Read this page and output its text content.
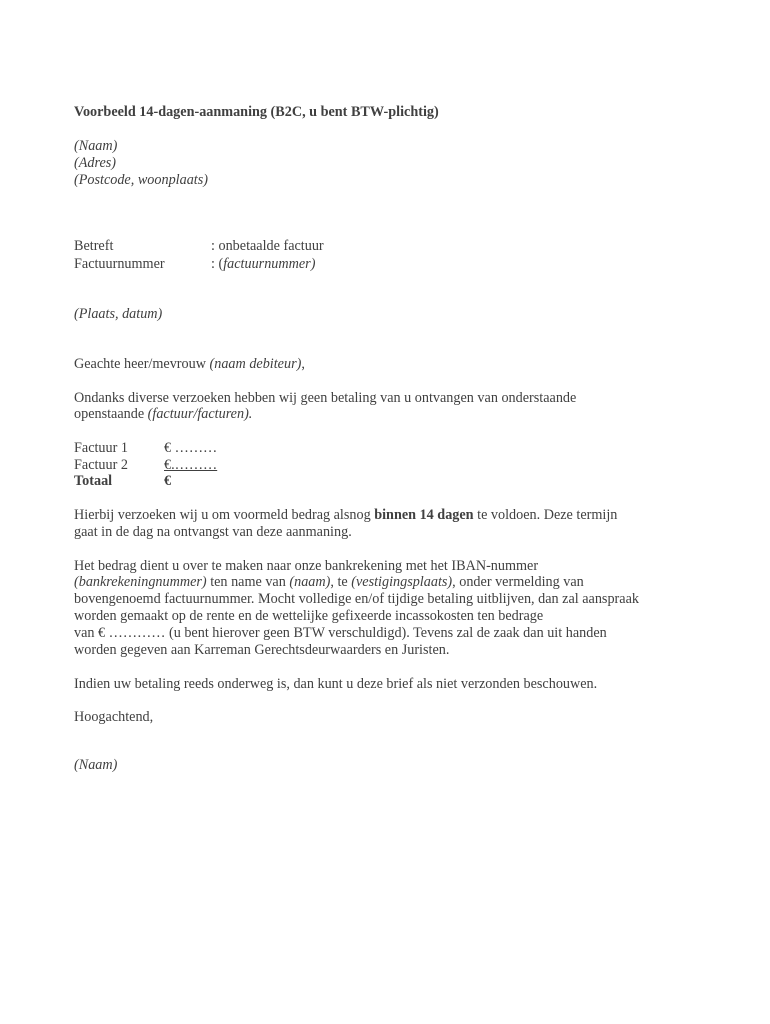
Voorbeeld 14-dagen-aanmaning (B2C, u bent BTW-plichtig)
(Naam)
(Adres)
(Postcode, woonplaats)
Betreft	: onbetaalde factuur
Factuurnummer	: (factuurnummer)
(Plaats, datum)
Geachte heer/mevrouw (naam debiteur),
Ondanks diverse verzoeken hebben wij geen betaling van u ontvangen van onderstaande
openstaande (factuur/facturen).
Factuur 1	€ ………
Factuur 2	€.………
Totaal	€
Hierbij verzoeken wij u om voormeld bedrag alsnog binnen 14 dagen te voldoen. Deze termijn
gaat in de dag na ontvangst van deze aanmaning.
Het bedrag dient u over te maken naar onze bankrekening met het IBAN-nummer
(bankrekeningnummer) ten name van (naam), te (vestigingsplaats), onder vermelding van
bovengenoemd factuurnummer. Mocht volledige en/of tijdige betaling uitblijven, dan zal aanspraak
worden gemaakt op de rente en de wettelijke gefixeerde incassokosten ten bedrage
van € ………… (u bent hierover geen BTW verschuldigd). Tevens zal de zaak dan uit handen
worden gegeven aan Karreman Gerechtsdeurwaarders en Juristen.
Indien uw betaling reeds onderweg is, dan kunt u deze brief als niet verzonden beschouwen.
Hoogachtend,
(Naam)
